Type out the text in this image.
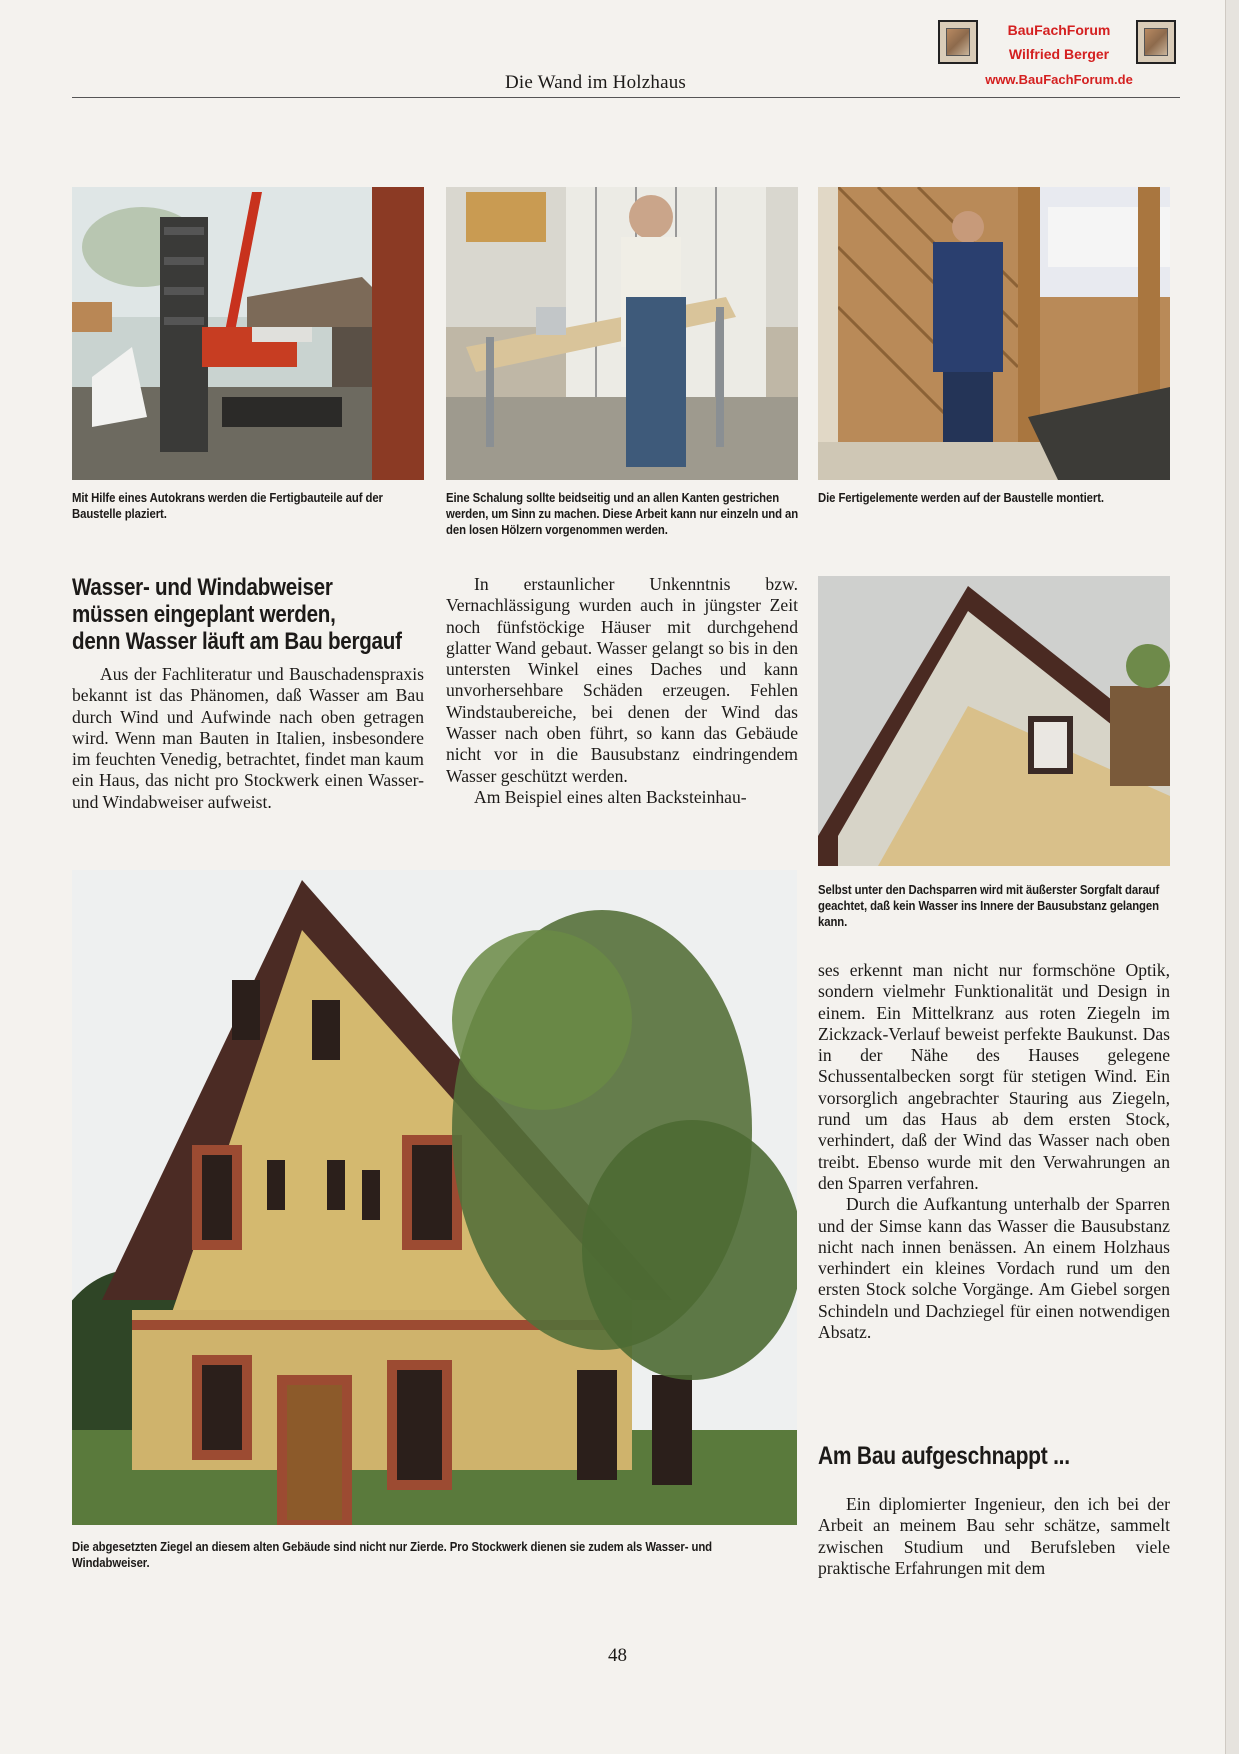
Die Wand im Holzhaus
BauFachForum
Wilfried Berger
www.BauFachForum.de
Mit Hilfe eines Autokrans werden die Fertigbauteile auf der Baustelle plaziert.
Eine Schalung sollte beidseitig und an allen Kanten gestrichen werden, um Sinn zu machen. Diese Arbeit kann nur einzeln und an den losen Hölzern vorgenommen werden.
Die Fertigelemente werden auf der Baustelle montiert.
Wasser- und Windabweiser
müssen eingeplant werden,
denn Wasser läuft am Bau bergauf

Aus der Fachliteratur und Bauschadenspraxis bekannt ist das Phänomen, daß Wasser am Bau durch Wind und Aufwinde nach oben getragen wird. Wenn man Bauten in Italien, insbesondere im feuchten Venedig, betrachtet, findet man kaum ein Haus, das nicht pro Stockwerk einen Wasser- und Windabweiser aufweist.

In erstaunlicher Unkenntnis bzw. Vernachlässigung wurden auch in jüngster Zeit noch fünfstöckige Häuser mit durchgehend glatter Wand gebaut. Wasser gelangt so bis in den untersten Winkel eines Daches und kann unvorhersehbare Schäden erzeugen. Fehlen Windstaubereiche, bei denen der Wind das Wasser nach oben führt, so kann das Gebäude nicht vor in die Bausubstanz eindringendem Wasser geschützt werden.

Am Beispiel eines alten Backsteinhau-

Selbst unter den Dachsparren wird mit äußerster Sorgfalt darauf geachtet, daß kein Wasser ins Innere der Bausubstanz gelangen kann.
Die abgesetzten Ziegel an diesem alten Gebäude sind nicht nur Zierde. Pro Stockwerk dienen sie zudem als Wasser- und Windabweiser.

ses erkennt man nicht nur formschöne Optik, sondern vielmehr Funktionalität und Design in einem. Ein Mittelkranz aus roten Ziegeln im Zickzack-Verlauf beweist perfekte Baukunst. Das in der Nähe des Hauses gelegene Schussentalbecken sorgt für stetigen Wind. Ein vorsorglich angebrachter Stauring aus Ziegeln, rund um das Haus ab dem ersten Stock, verhindert, daß der Wind das Wasser nach oben treibt. Ebenso wurde mit den Verwahrungen an den Sparren verfahren.

Durch die Aufkantung unterhalb der Sparren und der Simse kann das Wasser die Bausubstanz nicht nach innen benässen. An einem Holzhaus verhindert ein kleines Vordach rund um den ersten Stock solche Vorgänge. Am Giebel sorgen Schindeln und Dachziegel für einen notwendigen Absatz.

Am Bau aufgeschnappt ...

Ein diplomierter Ingenieur, den ich bei der Arbeit an meinem Bau sehr schätze, sammelt zwischen Studium und Berufsleben viele praktische Erfahrungen mit dem

48
